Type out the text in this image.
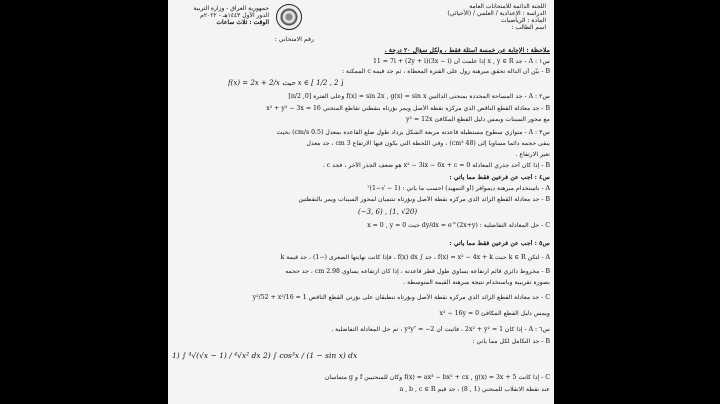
اللجنة الدائمة للامتحانات العامة
الدراسة : الإعدادية / العلمي / (الأحيائي)
المادة : الرياضيات
اسم الطالب :
جمهورية العراق - وزارة التربية
الدور الأول ١٤٤٣هـ - ٢٠٢٢م
الوقت : ثلاث ساعات
رقم الامتحاني :
ملاحظة : الإجابة عن خمسة أسئلة فقط ، ولكل سؤال ٢٠ درجة .
س١ : A - جد x , y ∈ R إذا علمت أن (3x − i)(2y + i) + 11 = 7i
B - بيّن أن الدالة تحقق مبرهنة رول على الفترة المعطاة ، ثم جد قيمة c الممكنة :
f(x) = 2x + 2/x حيث x ∈ [ 1/2 , 2 ]
س٢ : A - جد المساحة المحددة بمنحنى الدالتين f(x) = sin 2x , g(x) = sin x وعلى الفترة [0, π/2]
B - جد معادلة القطع الناقص الذي مركزه نقطة الأصل ويمر بؤرتاه بنقطتي تقاطع المنحني x² + y² − 3x = 16
مع محور السينات ويمس دليل القطع المكافئ y² = 12x
س٣ : A - متوازي سطوح مستطيلة قاعدته مربعة الشكل يزداد طول ضلع القاعدة بمعدل (0.5 cm/s) بحيث
يبقى حجمه دائماً مساوياً إلى (48 cm³) ، وفي اللحظة التي يكون فيها الارتفاع 3 cm ، جد معدل
تغير الارتفاع .
B - إذا كان أحد جذري المعادلة x² − 3ix − 6x + c = 0 هو ضعف الجذر الآخر ، فجد c .
س٤ : أجب عن فرعين فقط مما يأتي :
A - باستخدام مبرهنة ديموافر (أو التمهيد) احسب ما يأتي : (1 − √−1)⁷
B - جد معادلة القطع الزائد الذي مركزه نقطة الأصل وبؤرتاه تنتميان لمحور السينات ويمر بالنقطتين
(−3, 6) , (1, √20)
C - حل المعادلة التفاضلية : dy/dx = e^(2x+y) حيث x = 0 , y = 0
س٥ : أجب عن فرعين فقط مما يأتي :
A - لتكن k ∈ R حيث f(x) = x² − 4x + k ، جد ∫ f(x) dx ، فإذا كانت نهايتها الصغرى (−1) ، جد قيمة k
B - مخروط دائري قائم ارتفاعه يساوي طول قطر قاعدته ، إذا كان ارتفاعه يساوي 2.98 cm ، جد حجمه
بصورة تقريبية وباستخدام نتيجة مبرهنة القيمة المتوسطة .
C - جد معادلة القطع الزائد الذي مركزه نقطة الأصل وبؤرتاه تنطبقان على بؤرتي القطع الناقص y²/52 + x²/16 = 1
ويمس دليل القطع المكافئ x² − 16y = 0
س٦ : A - إذا كان 2x² + y² = 1 ، فأثبت أن y³y″ = −2 ، ثم حل المعادلة التفاضلية .
B - جد التكامل لكل مما يأتي :
1) ∫ ⁴√(√x − 1) / ⁴√x² dx 2) ∫ cos³x / (1 − sin x) dx
C - إذا كانت f(x) = ax³ − bx² + cx , g(x) = 3x + 5 وكان للمنحنيين f و g متماسان
عند نقطة الانقلاب للمنحني (1 , 8) ، جد قيم a , b , c ∈ R
